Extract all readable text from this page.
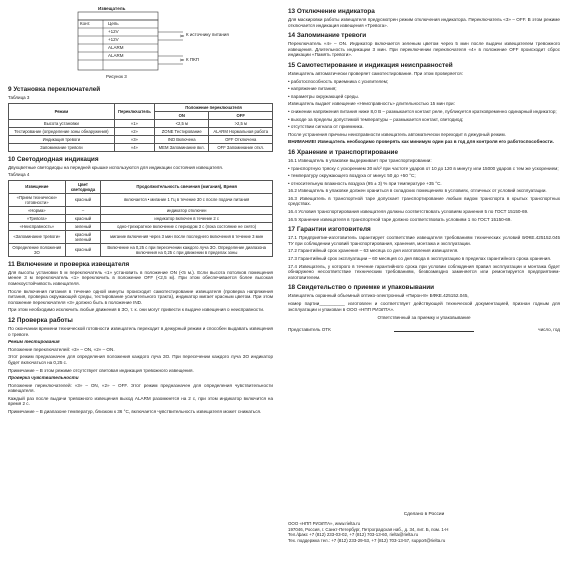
Извещатель
Конт.	Цепь
+12V
+12V
ALARM
ALARM
К источнику питания
К ПКП
Рисунок 3
9 Установка переключателей
Таблица 3
Режим	Переключатель	Положение переключателя	
		ON	OFF
Высота установки	«1»	<2,5 м	>2,5 м
Тестирование (определение зоны обнаружения)	«2»	ZONE Тестирование	ALARM Нормальная работа
Индикация тревоги	«3»	IND Включена	OFF Отключена
Запоминание тревоги	«4»	MEM Запоминание вкл.	OFF Запоминание откл.
10 Светодиодная индикация

Двухцветные светодиоды на передней крышке используются для индикации состояния извещателя.

Таблица 4
Извещение	Цвет светодиода	Продолжительность свечения (мигания), Время
«Прием технически» готовности»	красный	включается • мигание 1 Гц в течение 30 с после подачи питания
«Норма»	–	индикатор отключен
«Тревога»	красный	индикатор включен в течение 2 с
«Неисправность»	зеленый	одно-трехкратное включение с периодом 3 с (пока состояние не снято)
«Запоминание тревоги»	красный зеленый	мигание включения через 3 мин после последнего включения в течение 3 мин
Определение положения ЗО	красный	Включение на 0,25 с при пересечении каждого луча ЗО. Определение диапазона включения на 0,25 с при движении в пределах зоны
11 Включение и проверка извещателя

Для высоты установки 5 м переключатель «1» установить в положение ON (<5 м.). Если высота потолков помещения менее 3 м переключатель «1» переключить в положение OFF (<2,5 м). При этом обеспечивается более высокая помехоустойчивость извещателя.

После включения питания в течение одной минуты происходит самотестирование извещателя (проверка напряжения питания, проверка окружающей среды, тестирование усилительного тракта), индикатор мигает красным цветом. При этом положение переключателя «3» должно быть в положение IND.

При этом необходимо исключить любые движения в ЗО, т. к. они могут привести к выдаче извещения о неисправности.

12 Проверка работы

По окончании времени технической готовности извещатель переходит в дежурный режим и способен выдавать извещения о тревоге.

Режим тестирования

Положение переключателей: «3» – ON, «2» – ON.

Этот режим предназначен для определения положения каждого луча ЗО. При пересечении каждого луча ЗО индикатор будет включаться на 0,25 с.

Примечание – В этом режиме отсутствует световая индикация тревожного извещения.

Проверка чувствительности

Положение переключателей: «3» – ON, «2» – OFF. Этот режим предназначен для определения чувствительности извещателя.

Каждый раз после выдачи тревожного извещения выход ALARM разомкнется на 2 с, при этом индикатор включится на время 2 с.

Примечание – В диапазоне температур, близком к 36 °С, включается чувствительность извещателя может снижаться.

13 Отключение индикатора

Для маскировки работы извещателя предусмотрен режим отключения индикатора. Переключатель «3» – OFF. В этом режиме отключается индикация извещения «Тревога».

14 Запоминание тревоги

Переключатель «4» – ON. Индикатор включается зеленым цветом через 5 мин после выдачи извещателем тревожного извещения. Длительность индикации 3 мин. При переключении переключателя «4» в положение OFF происходит сброс индикации «Память тревоги».

15 Самотестирование и индикация неисправностей

Извещатель автоматически проверяет самотестирование. При этом проверяется:

• работоспособность приемника с усилителем;

• напряжение питания;

• параметры окружающей среды.

Извещатель выдает извещение «Неисправность» длительностью 15 мин при:

• снижении напряжения питания ниже 8,0 В – размыкается контакт реле, публикуется кратковременно одинарный индикатор;

• выходе за пределы допустимой температуры – размыкается контакт, светодиод;

• отсутствии сигнала от приемника.

После устранения причины неисправности извещатель автоматически переходит в дежурный режим.

ВНИМАНИЕ! Извещатель необходимо проверять как минимум один раз в год для контроля его работоспособности.

16 Хранение и транспортирование

16.1 Извещатель в упаковке выдерживает при транспортировании:

• транспортную тряску с ускорением 30 м/с² при частоте ударов от 10 до 120 в минуту или 15000 ударов с тем же ускорением;

• температуру окружающего воздуха от минус 50 до +50 °С;

• относительную влажность воздуха (95 ± 3) % при температуре +35 °С.

16.2 Извещатель в упаковке должен храниться в складских помещениях в условиях, отличных от условий эксплуатации.

16.3 Извещатель в транспортной таре допускает транспортирование любым видом транспорта в крытых транспортных средствах.

16.4 Условия транспортирования извещателя должны соответствовать условиям хранения 5 по ГОСТ 15150-69.

16.5 Хранение извещателя в транспортной таре должно соответствовать условиям 1 по ГОСТ 15150-69.

17 Гарантии изготовителя

17.1 Предприятие-изготовитель гарантирует соответствие извещателя требованиям технических условий БФКЕ.425152.045 ТУ при соблюдении условий транспортирования, хранения, монтажа и эксплуатации.

17.2 Гарантийный срок хранения – 63 месяца со дня изготовления извещателя.

17.3 Гарантийный срок эксплуатации – 60 месяцев со дня ввода в эксплуатацию в пределах гарантийного срока хранения.

17.4 Извещатель, у которого в течение гарантийного срока при условии соблюдения правил эксплуатации и монтажа будет обнаружено несоответствие техническим требованиям, безвозмездно заменяется или ремонтируется предприятием-изготовителем.

18 Свидетельство о приемке и упаковывании

Извещатель охранный объемный оптико-электронный «Пирон-8» БФКЕ.425152.045,

номер партии__________ изготовлен и соответствует действующей технической документацией, признан годным для эксплуатации и упакован в ООО «НПП РИЭЛТА».

Ответственный за приемку и упаковывание
Представитель ОТК	число, год
Сделано в России
ООО «НПП РИЭЛТА», www.rielta.ru
197046, Россия, г. Санкт-Петербург, Петроградская наб., д. 34, лит. Б, пом. 1-Н
Тел./факс +7 (812) 233-03-02, +7 (812) 703-13-60, rielta@rielta.ru
Тех. поддержка тел.: +7 (812) 233-29-53, +7 (812) 703-13-57, support@rielta.ru
